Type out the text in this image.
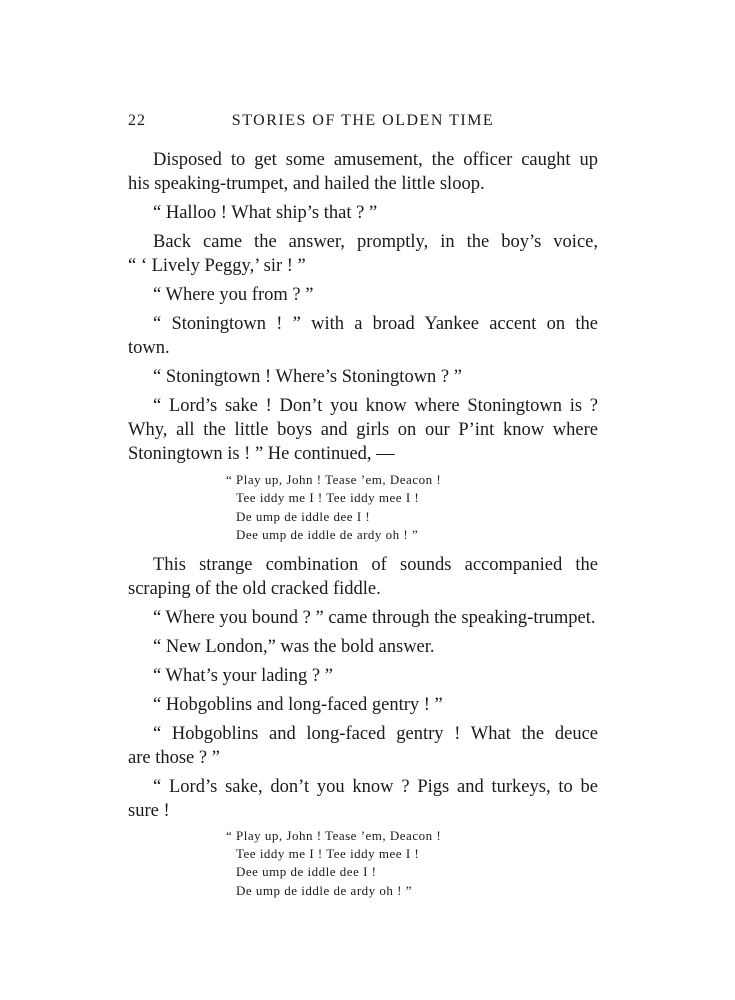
22	STORIES OF THE OLDEN TIME
Disposed to get some amusement, the officer caught up
his speaking-trumpet, and hailed the little sloop.
“ Halloo ! What ship’s that ? ”
Back came the answer, promptly, in the boy’s voice,
“ ‘ Lively Peggy,’ sir ! ”
“ Where you from ? ”
“ Stoningtown ! ” with a broad Yankee accent on the
town.
“ Stoningtown ! Where’s Stoningtown ? ”
“ Lord’s sake ! Don’t you know where Stoningtown is ?
Why, all the little boys and girls on our P’int know where
Stoningtown is ! ” He continued, —
“ Play up, John ! Tease ’em, Deacon !
Tee iddy me I ! Tee iddy mee I !
De ump de iddle dee I !
Dee ump de iddle de ardy oh ! ”
This strange combination of sounds accompanied the
scraping of the old cracked fiddle.
“ Where you bound ? ” came through the speaking-trumpet.
“ New London,” was the bold answer.
“ What’s your lading ? ”
“ Hobgoblins and long-faced gentry ! ”
“ Hobgoblins and long-faced gentry ! What the deuce
are those ? ”
“ Lord’s sake, don’t you know ? Pigs and turkeys, to be
sure !
“ Play up, John ! Tease ’em, Deacon !
Tee iddy me I ! Tee iddy mee I !
Dee ump de iddle dee I !
De ump de iddle de ardy oh ! ”
